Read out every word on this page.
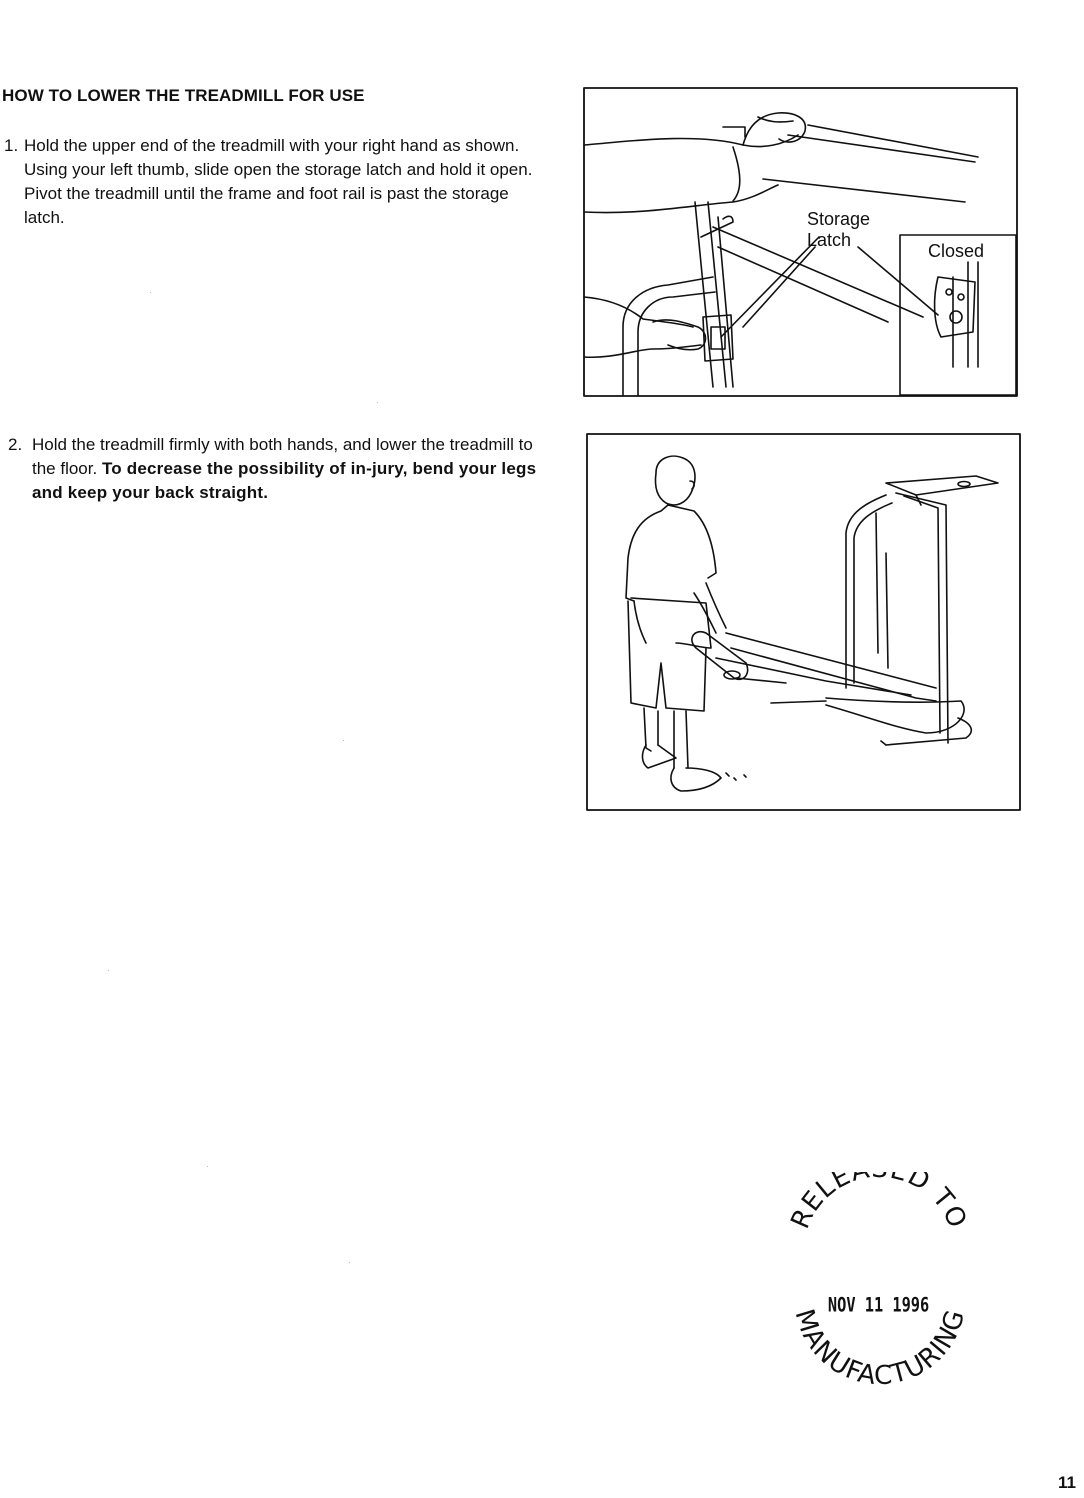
HOW TO LOWER THE TREADMILL FOR USE
1. Hold the upper end of the treadmill with your right hand as shown. Using your left thumb, slide open the storage latch and hold it open. Pivot the treadmill until the frame and foot rail is past the storage latch.
2. Hold the treadmill firmly with both hands, and lower the treadmill to the floor. To decrease the possibility of in-jury, bend your legs and keep your back straight.
Storage
Latch
Closed
RELE D TO
NOV 11 1996
MANUFACTURING
11
